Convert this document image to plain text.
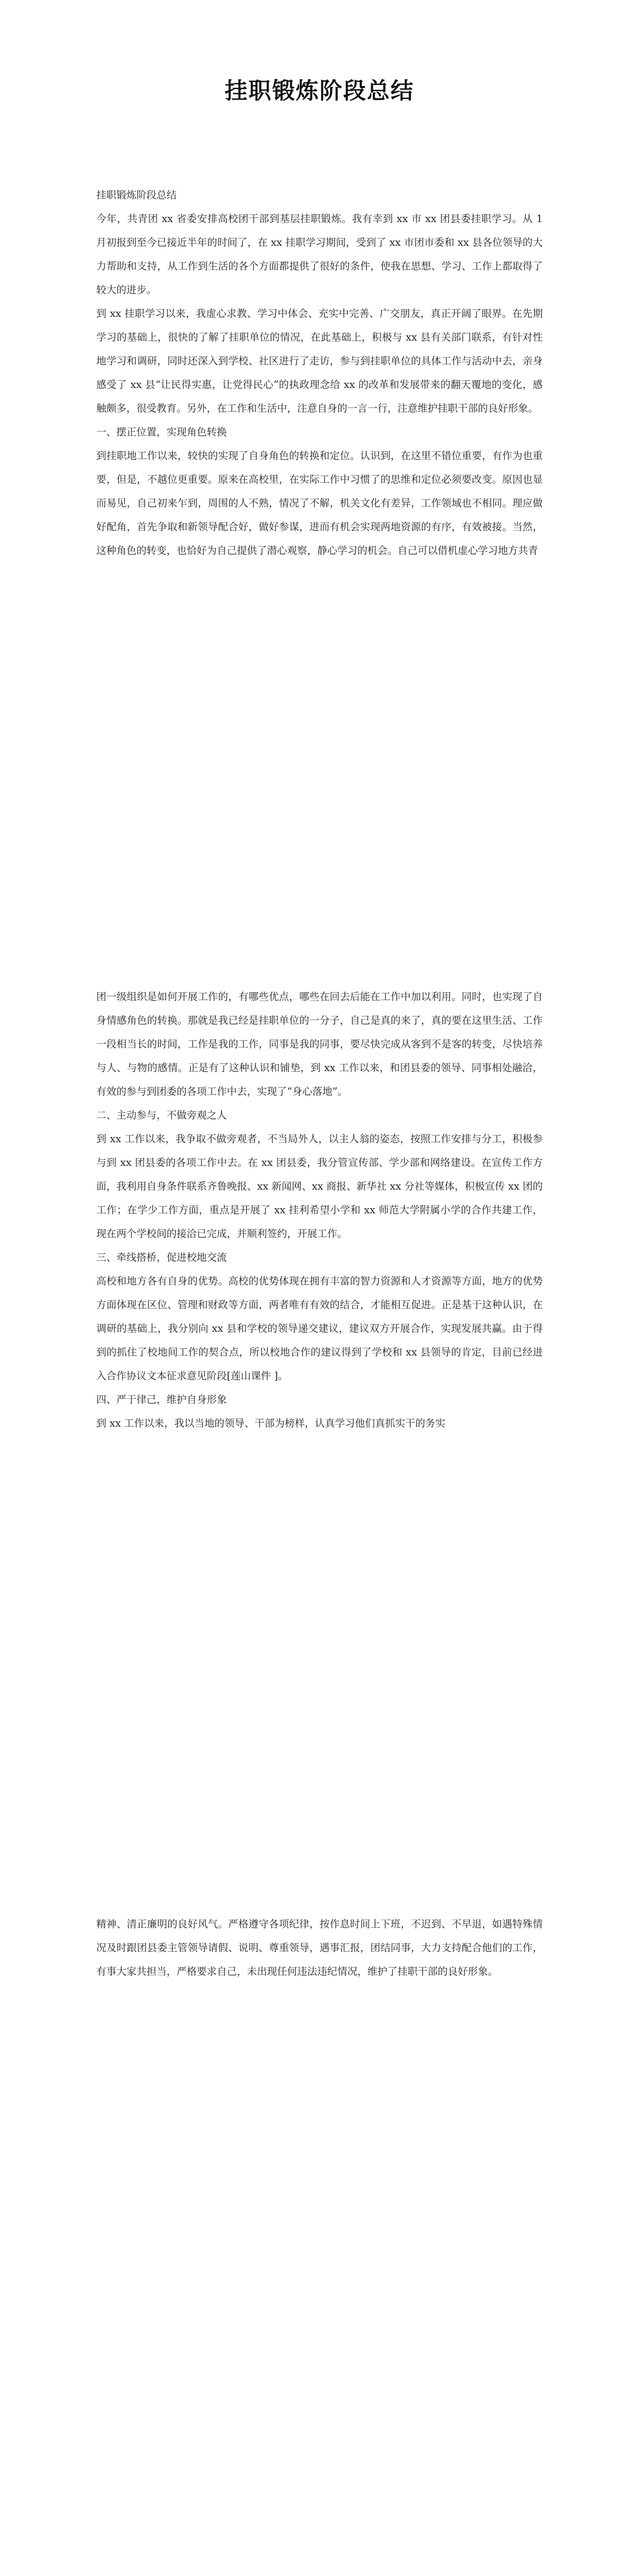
挂职锻炼阶段总结

挂职锻炼阶段总结

今年，共青团 xx 省委安排高校团干部到基层挂职锻炼。我有幸到 xx 市 xx 团县委挂职学习。从 1 月初报到至今已接近半年的时间了，在 xx 挂职学习期间，受到了 xx 市团市委和 xx 县各位领导的大力帮助和支持，从工作到生活的各个方面都提供了很好的条件，使我在思想、学习、工作上都取得了较大的进步。

到 xx 挂职学习以来，我虚心求教、学习中体会、充实中完善、广交朋友，真正开阔了眼界。在先期学习的基础上，很快的了解了挂职单位的情况，在此基础上，积极与 xx 县有关部门联系，有针对性地学习和调研，同时还深入到学校、社区进行了走访，参与到挂职单位的具体工作与活动中去，亲身感受了 xx 县“让民得实惠，让党得民心”的执政理念给 xx 的改革和发展带来的翻天覆地的变化，感触颇多，很受教育。另外，在工作和生活中，注意自身的一言一行，注意维护挂职干部的良好形象。

一、摆正位置，实现角色转换

到挂职地工作以来，较快的实现了自身角色的转换和定位。认识到，在这里不错位重要，有作为也重要，但是，不越位更重要。原来在高校里，在实际工作中习惯了的思维和定位必须要改变。原因也显而易见，自己初来乍到，周围的人不熟，情况了不解，机关文化有差异，工作领域也不相同。理应做好配角，首先争取和新领导配合好，做好参谋，进而有机会实现两地资源的有序，有效被接。当然，这种角色的转变，也恰好为自己提供了潜心观察，静心学习的机会。自己可以借机虚心学习地方共青

团一级组织是如何开展工作的，有哪些优点，哪些在回去后能在工作中加以利用。同时，也实现了自身情感角色的转换。那就是我已经是挂职单位的一分子，自己是真的来了，真的要在这里生活、工作一段相当长的时间，工作是我的工作，同事是我的同事，要尽快完成从客到不是客的转变，尽快培养与人、与物的感情。正是有了这种认识和铺垫，到 xx 工作以来，和团县委的领导、同事相处融洽，有效的参与到团委的各项工作中去，实现了“身心落地”。

二、主动参与，不做旁观之人

到 xx 工作以来，我争取不做旁观者，不当局外人，以主人翁的姿态，按照工作安排与分工，积极参与到 xx 团县委的各项工作中去。在 xx 团县委，我分管宣传部、学少部和网络建设。在宣传工作方面，我利用自身条件联系齐鲁晚报、xx 新闻网、xx 商报、新华社 xx 分社等媒体，积极宣传 xx 团的工作；在学少工作方面，重点是开展了 xx 挂利希望小学和 xx 师范大学附属小学的合作共建工作，现在两个学校间的接洽已完成，并顺利签约，开展工作。

三、牵线搭桥，促进校地交流

高校和地方各有自身的优势。高校的优势体现在拥有丰富的智力资源和人才资源等方面，地方的优势方面体现在区位、管理和财政等方面，两者唯有有效的结合，才能相互促进。正是基于这种认识，在调研的基础上，我分别向 xx 县和学校的领导递交建议，建议双方开展合作，实现发展共赢。由于得到的抓住了校地间工作的契合点，所以校地合作的建议得到了学校和 xx 县领导的肯定，目前已经进入合作协议文本征求意见阶段[莲山课件 ]。

四、严于律己，维护自身形象

到 xx 工作以来，我以当地的领导、干部为榜样，认真学习他们真抓实干的务实

精神、清正廉明的良好风气。严格遵守各项纪律，按作息时间上下班，不迟到、不早退，如遇特殊情况及时跟团县委主管领导请假、说明、尊重领导，遇事汇报，团结同事，大力支持配合他们的工作，有事大家共担当，严格要求自己，未出现任何违法违纪情况，维护了挂职干部的良好形象。
